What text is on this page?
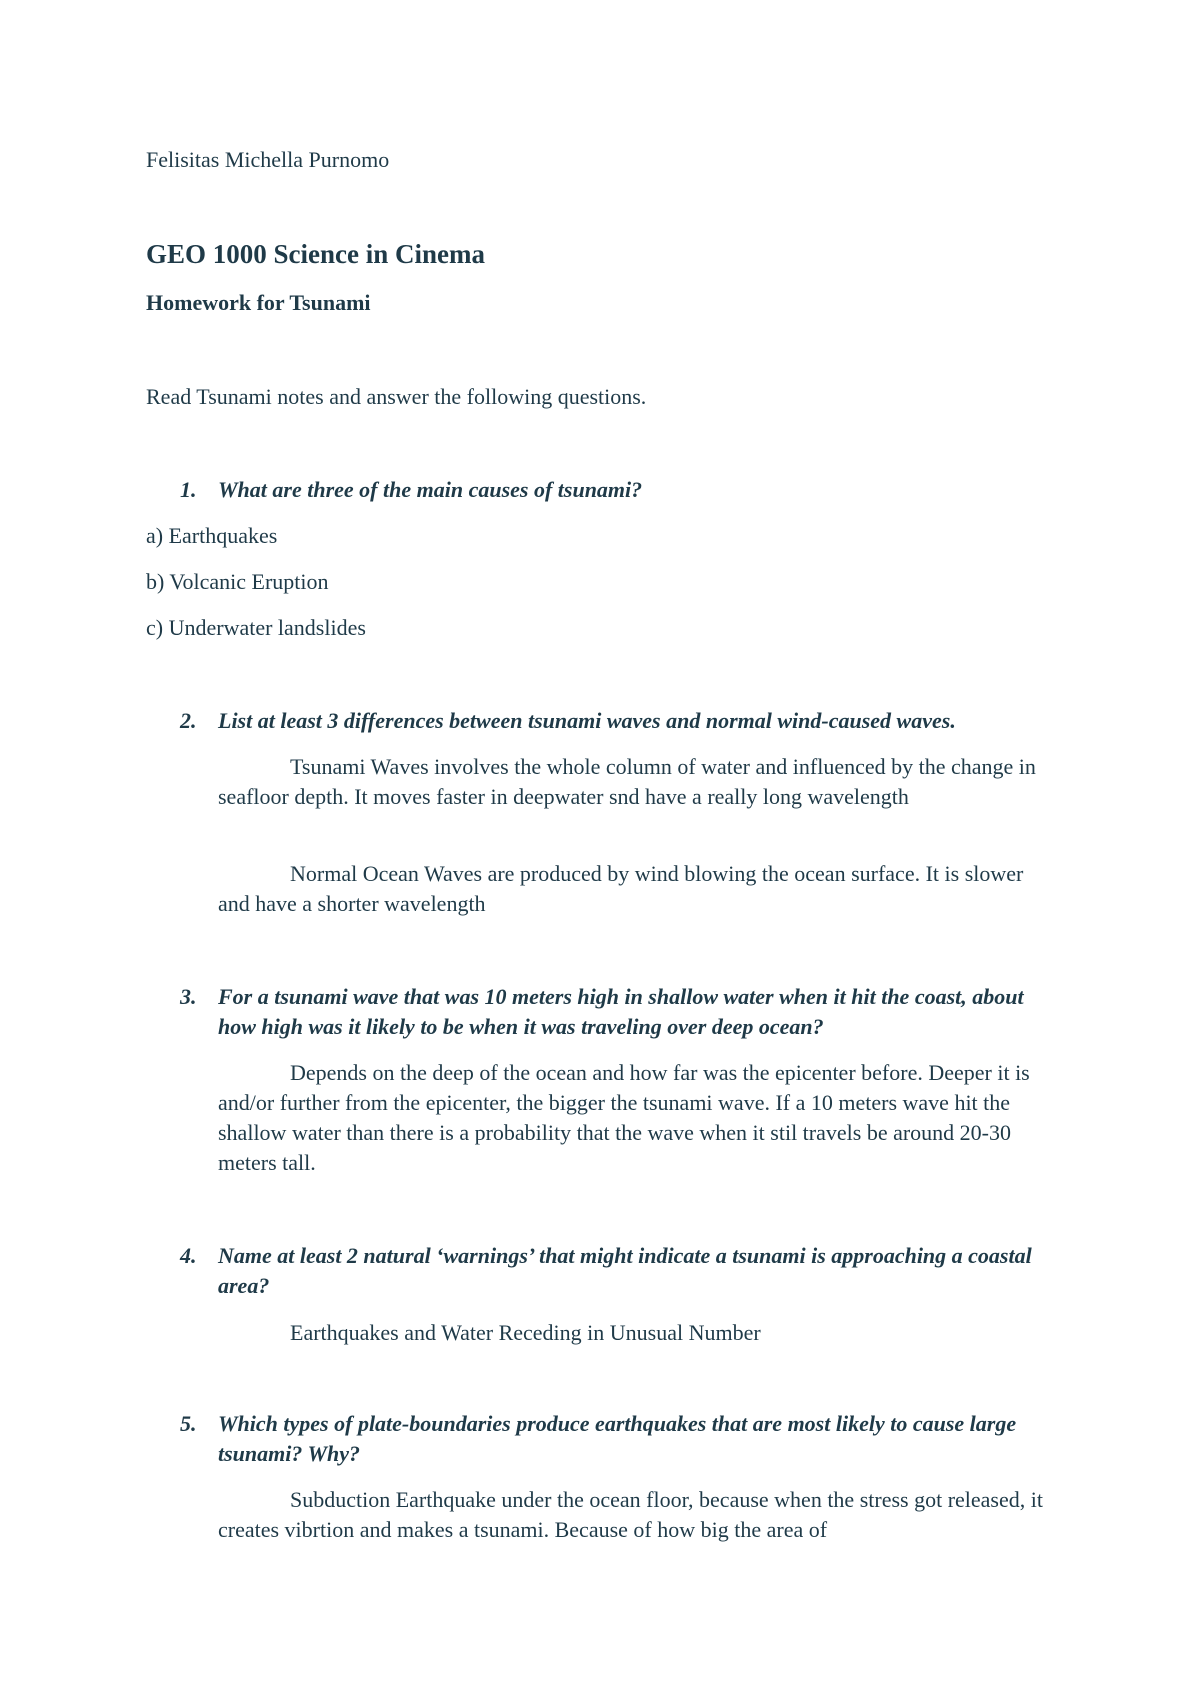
Felisitas Michella Purnomo
GEO 1000 Science in Cinema
Homework for Tsunami
Read Tsunami notes and answer the following questions.
1. What are three of the main causes of tsunami?
a) Earthquakes
b) Volcanic Eruption
c) Underwater landslides
2. List at least 3 differences between tsunami waves and normal wind-caused waves.
Tsunami Waves involves the whole column of water and influenced by the change in seafloor depth. It moves faster in deepwater snd have a really long wavelength
Normal Ocean Waves are produced by wind blowing the ocean surface. It is slower and have a shorter wavelength
3. For a tsunami wave that was 10 meters high in shallow water when it hit the coast, about how high was it likely to be when it was traveling over deep ocean?
Depends on the deep of the ocean and how far was the epicenter before. Deeper it is and/or further from the epicenter, the bigger the tsunami wave. If a 10 meters wave hit the shallow water than there is a probability that the wave when it stil travels be around 20-30 meters tall.
4. Name at least 2 natural ‘warnings’ that might indicate a tsunami is approaching a coastal area?
Earthquakes and Water Receding in Unusual Number
5. Which types of plate-boundaries produce earthquakes that are most likely to cause large tsunami? Why?
Subduction Earthquake under the ocean floor, because when the stress got released, it creates vibrtion and makes a tsunami. Because of how big the area of
